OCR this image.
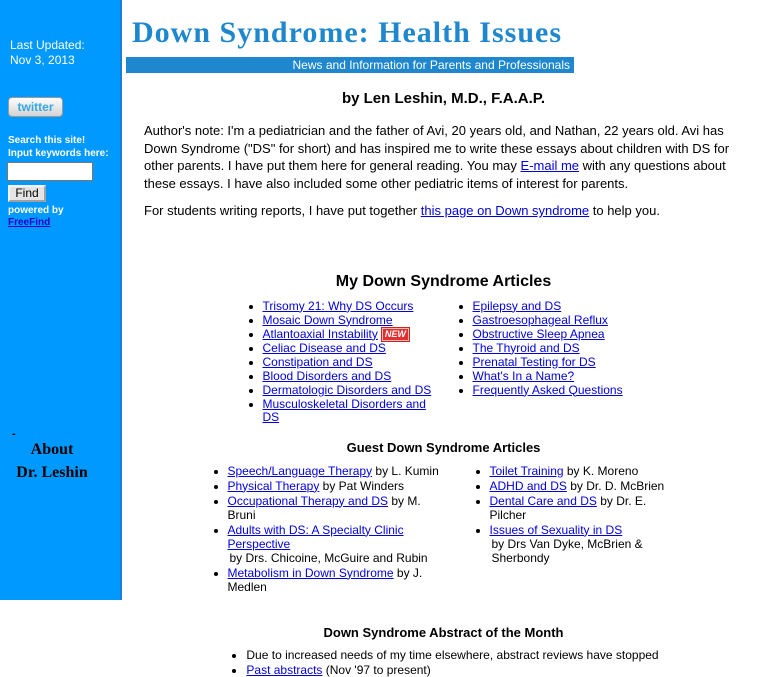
Last Updated:
Nov 3, 2013
twitter
Search this site!
Input keywords here:
Find
powered by
FreeFind
-
About
Dr. Leshin
Down Syndrome: Health Issues
News and Information for Parents and Professionals
by Len Leshin, M.D., F.A.A.P.

Author's note: I'm a pediatrician and the father of Avi, 20 years old, and Nathan, 22 years old. Avi has Down Syndrome ("DS" for short) and has inspired me to write these essays about children with DS for other parents. I have put them here for general reading. You may E-mail me with any questions about these essays. I have also included some other pediatric items of interest for parents.

For students writing reports, I have put together this page on Down syndrome to help you.

My Down Syndrome Articles
• Trisomy 21: Why DS Occurs
• Mosaic Down Syndrome
• Atlantoaxial Instability NEW
• Celiac Disease and DS
• Constipation and DS
• Blood Disorders and DS
• Dermatologic Disorders and DS
• Musculoskeletal Disorders and DS
• Epilepsy and DS
• Gastroesophageal Reflux
• Obstructive Sleep Apnea
• The Thyroid and DS
• Prenatal Testing for DS
• What's In a Name?
• Frequently Asked Questions
Guest Down Syndrome Articles
• Speech/Language Therapy by L. Kumin
• Physical Therapy by Pat Winders
• Occupational Therapy and DS by M. Bruni
• Adults with DS: A Specialty Clinic Perspective
by Drs. Chicoine, McGuire and Rubin
• Metabolism in Down Syndrome by J. Medlen
• Toilet Training by K. Moreno
• ADHD and DS by Dr. D. McBrien
• Dental Care and DS by Dr. E. Pilcher
• Issues of Sexuality in DS
by Drs Van Dyke, McBrien & Sherbondy
Down Syndrome Abstract of the Month
• Due to increased needs of my time elsewhere, abstract reviews have stopped
• Past abstracts (Nov '97 to present)
